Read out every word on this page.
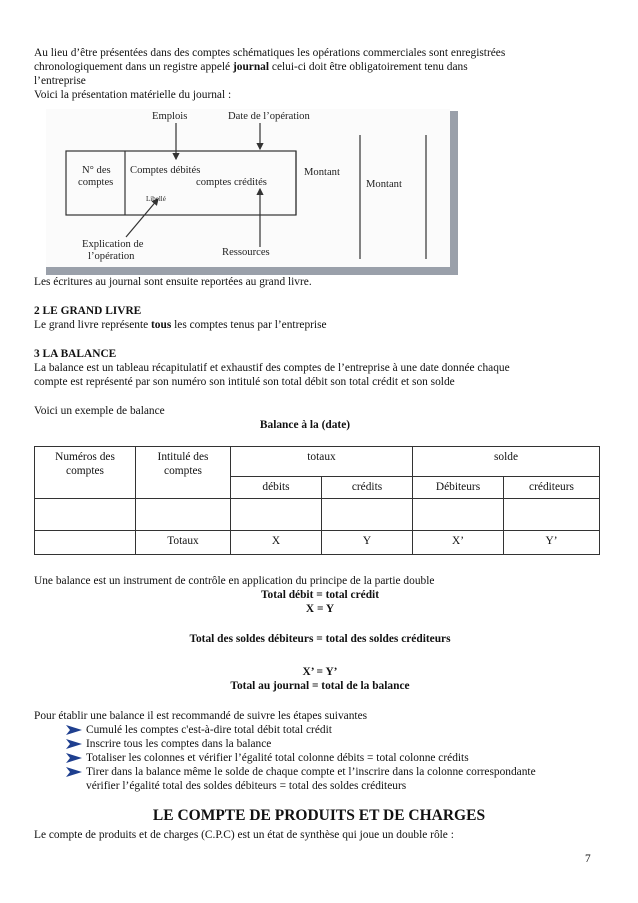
Au lieu d’être présentées dans des comptes schématiques les opérations commerciales sont enregistrées
chronologiquement dans un registre appelé journal celui-ci doit être obligatoirement tenu dans
l’entreprise
Voici la présentation matérielle du journal :
Emplois	Date de l’opération
N° des
comptes
Comptes débités
comptes crédités
Libellé
Montant
Montant
Explication de
l’opération	Ressources
Les écritures au journal sont ensuite reportées au grand livre.
2 LE GRAND LIVRE
Le grand livre représente tous les comptes tenus par l’entreprise
3 LA BALANCE
La balance est un tableau récapitulatif et exhaustif des comptes de l’entreprise à une date donnée chaque
compte est représenté par son numéro son intitulé son total débit son total crédit et son solde
Voici un exemple de balance
Balance à la (date)
Numéros des
comptes	Intitulé des
comptes	totaux		solde	
		débits	crédits	Débiteurs	créditeurs

	Totaux	X	Y	X’	Y’
Une balance est un instrument de contrôle en application du principe de la partie double
Total débit = total crédit
X = Y
Total des soldes débiteurs = total des soldes créditeurs
X’ = Y’
Total au journal = total de la balance
Pour établir une balance il est recommandé de suivre les étapes suivantes
Cumulé les comptes c'est-à-dire total débit total crédit
Inscrire tous les comptes dans la balance
Totaliser les colonnes et vérifier l’égalité total colonne débits = total colonne crédits
Tirer dans la balance même le solde de chaque compte et l’inscrire dans la colonne correspondante
vérifier l’égalité total des soldes débiteurs = total des soldes créditeurs
LE COMPTE DE PRODUITS ET DE CHARGES
Le compte de produits et de charges (C.P.C) est un état de synthèse qui joue un double rôle :
7
